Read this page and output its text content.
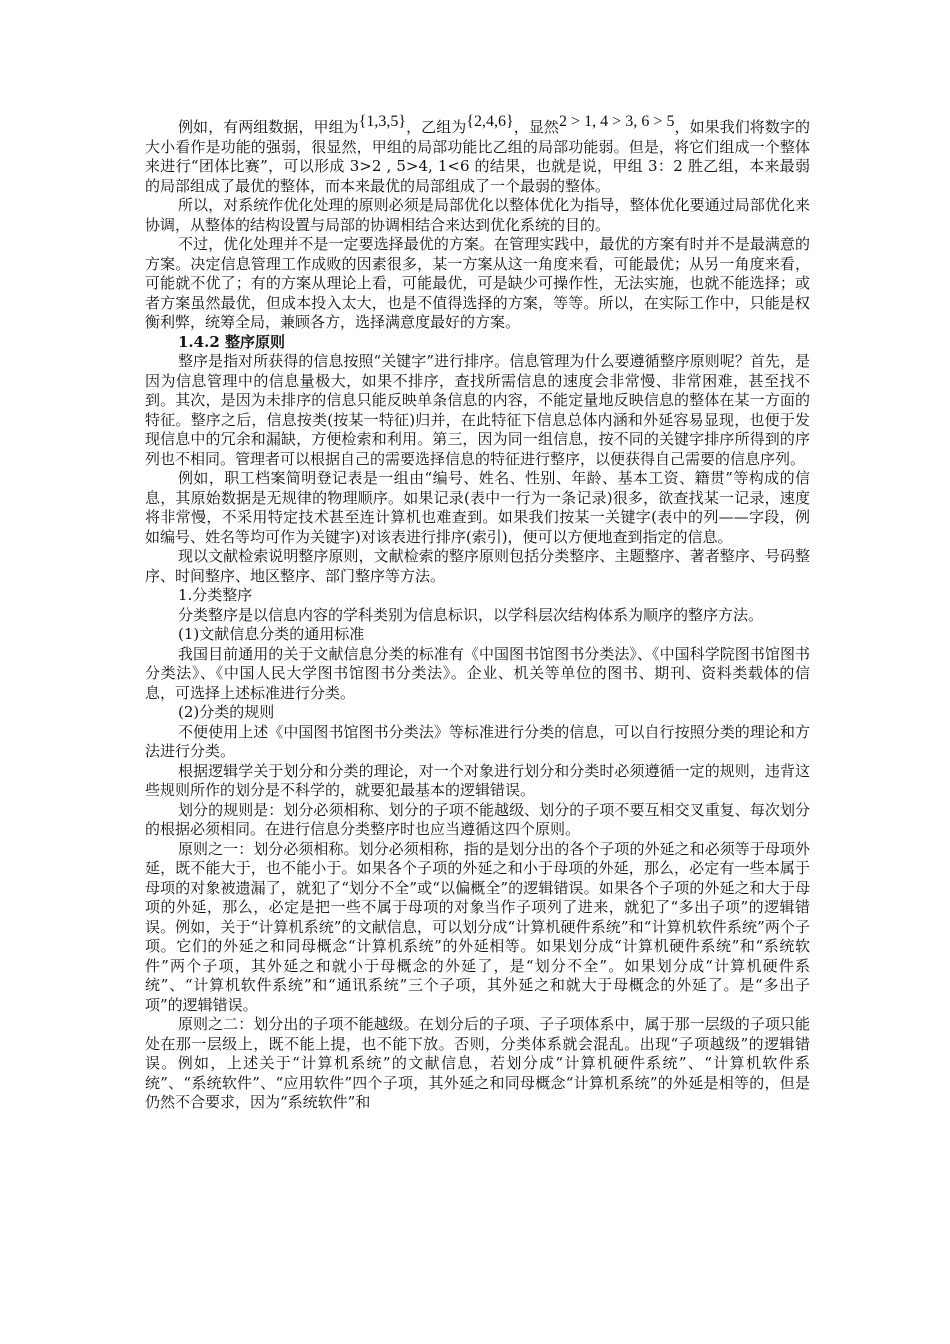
例如，有两组数据，甲组为{1,3,5}，乙组为{2,4,6}，显然2 > 1, 4 > 3, 6 > 5，如果我们将数字的大小看作是功能的强弱，很显然，甲组的局部功能比乙组的局部功能弱。但是，将它们组成一个整体来进行“团体比赛”，可以形成 3>2 , 5>4, 1<6 的结果，也就是说，甲组 3：2 胜乙组，本来最弱的局部组成了最优的整体，而本来最优的局部组成了一个最弱的整体。

所以，对系统作优化处理的原则必须是局部优化以整体优化为指导，整体优化要通过局部优化来协调，从整体的结构设置与局部的协调相结合来达到优化系统的目的。

不过，优化处理并不是一定要选择最优的方案。在管理实践中，最优的方案有时并不是最满意的方案。决定信息管理工作成败的因素很多，某一方案从这一角度来看，可能最优；从另一角度来看，可能就不优了；有的方案从理论上看，可能最优，可是缺少可操作性，无法实施，也就不能选择；或者方案虽然最优，但成本投入太大，也是不值得选择的方案，等等。所以，在实际工作中，只能是权衡利弊，统筹全局，兼顾各方，选择满意度最好的方案。

1.4.2 整序原则

整序是指对所获得的信息按照“关键字”进行排序。信息管理为什么要遵循整序原则呢？首先，是因为信息管理中的信息量极大，如果不排序，查找所需信息的速度会非常慢、非常困难，甚至找不到。其次，是因为未排序的信息只能反映单条信息的内容，不能定量地反映信息的整体在某一方面的特征。整序之后，信息按类(按某一特征)归并，在此特征下信息总体内涵和外延容易显现，也便于发现信息中的冗余和漏缺，方便检索和利用。第三，因为同一组信息，按不同的关键字排序所得到的序列也不相同。管理者可以根据自己的需要选择信息的特征进行整序，以便获得自己需要的信息序列。

例如，职工档案简明登记表是一组由“编号、姓名、性别、年龄、基本工资、籍贯”等构成的信息，其原始数据是无规律的物理顺序。如果记录(表中一行为一条记录)很多，欲查找某一记录，速度将非常慢，不采用特定技术甚至连计算机也难查到。如果我们按某一关键字(表中的列——字段，例如编号、姓名等均可作为关键字)对该表进行排序(索引)，便可以方便地查到指定的信息。

现以文献检索说明整序原则，文献检索的整序原则包括分类整序、主题整序、著者整序、号码整序、时间整序、地区整序、部门整序等方法。

1.分类整序

分类整序是以信息内容的学科类别为信息标识，以学科层次结构体系为顺序的整序方法。

(1)文献信息分类的通用标准

我国目前通用的关于文献信息分类的标准有《中国图书馆图书分类法》、《中国科学院图书馆图书分类法》、《中国人民大学图书馆图书分类法》。企业、机关等单位的图书、期刊、资料类载体的信息，可选择上述标准进行分类。

(2)分类的规则

不便使用上述《中国图书馆图书分类法》等标准进行分类的信息，可以自行按照分类的理论和方法进行分类。

根据逻辑学关于划分和分类的理论，对一个对象进行划分和分类时必须遵循一定的规则，违背这些规则所作的划分是不科学的，就要犯最基本的逻辑错误。

划分的规则是：划分必须相称、划分的子项不能越级、划分的子项不要互相交叉重复、每次划分的根据必须相同。在进行信息分类整序时也应当遵循这四个原则。

原则之一：划分必须相称。划分必须相称，指的是划分出的各个子项的外延之和必须等于母项外延，既不能大于，也不能小于。如果各个子项的外延之和小于母项的外延，那么，必定有一些本属于母项的对象被遗漏了，就犯了“划分不全”或“以偏概全”的逻辑错误。如果各个子项的外延之和大于母项的外延，那么，必定是把一些不属于母项的对象当作子项列了进来，就犯了“多出子项”的逻辑错误。例如，关于“计算机系统”的文献信息，可以划分成“计算机硬件系统”和“计算机软件系统”两个子项。它们的外延之和同母概念“计算机系统”的外延相等。如果划分成“计算机硬件系统”和“系统软件”两个子项，其外延之和就小于母概念的外延了，是“划分不全”。如果划分成“计算机硬件系统”、“计算机软件系统”和“通讯系统”三个子项，其外延之和就大于母概念的外延了。是“多出子项”的逻辑错误。

原则之二：划分出的子项不能越级。在划分后的子项、子子项体系中，属于那一层级的子项只能处在那一层级上，既不能上提，也不能下放。否则，分类体系就会混乱。出现“子项越级”的逻辑错误。例如，上述关于“计算机系统”的文献信息，若划分成“计算机硬件系统”、“计算机软件系统”、“系统软件”、“应用软件”四个子项，其外延之和同母概念“计算机系统”的外延是相等的，但是仍然不合要求，因为“系统软件”和
